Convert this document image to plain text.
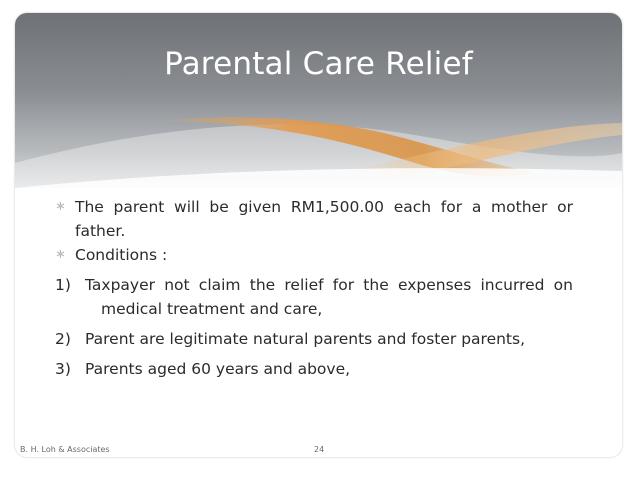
Parental Care Relief
∗ The parent will be given RM1,500.00 each for a mother or father.
∗ Conditions :
1) Taxpayer not claim the relief for the expenses incurred on medical treatment and care,
2) Parent are legitimate natural parents and foster parents,
3) Parents aged 60 years and above,
B. H. Loh & Associates	24
